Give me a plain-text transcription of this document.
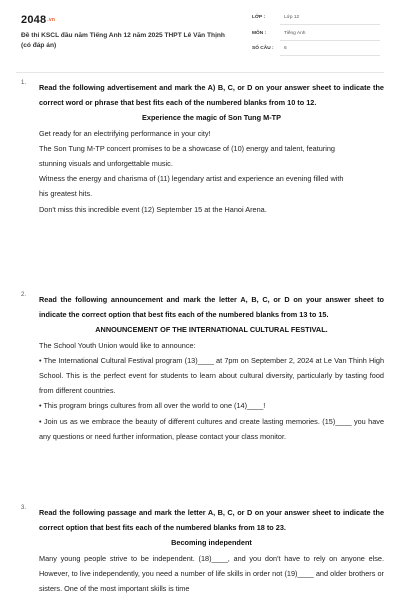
$2048^{.vn}$
Đề thi KSCL đầu năm Tiếng Anh 12 năm 2025 THPT Lê Văn Thịnh (có đáp án)
LỚP :	Lớp 12
MÔN :	Tiếng Anh
SỐ CÂU : 6
1. Read the following advertisement and mark the A) B, C, or D on your answer sheet to indicate the correct word or phrase that best fits each of the numbered blanks from 10 to 12.

Experience the magic of Son Tung M-TP

Get ready for an electrifying performance in your city!

The Son Tung M-TP concert promises to be a showcase of (10) energy and talent, featuring

stunning visuals and unforgettable music.

Witness the energy and charisma of (11) legendary artist and experience an evening filled with

his greatest hits.

Don't miss this incredible event (12) September 15 at the Hanoi Arena.

2. Read the following announcement and mark the letter A, B, C, or D on your answer sheet to indicate the correct option that best fits each of the numbered blanks from 13 to 15.

ANNOUNCEMENT OF THE INTERNATIONAL CULTURAL FESTIVAL.

The School Youth Union would like to announce:

• The International Cultural Festival program (13)____ at 7pm on September 2, 2024 at Le Van Thinh High School. This is the perfect event for students to learn about cultural diversity, particularly by tasting food from different countries.

• This program brings cultures from all over the world to one (14)____!

• Join us as we embrace the beauty of different cultures and create lasting memories. (15)____ you have any questions or need further information, please contact your class monitor.

3. Read the following passage and mark the letter A, B, C, or D on your answer sheet to indicate the correct option that best fits each of the numbered blanks from 18 to 23.

Becoming independent

Many young people strive to be independent. (18)____, and you don't have to rely on anyone else. However, to live independently, you need a number of life skills in order not (19)____ and older brothers or sisters. One of the most important skills is time
